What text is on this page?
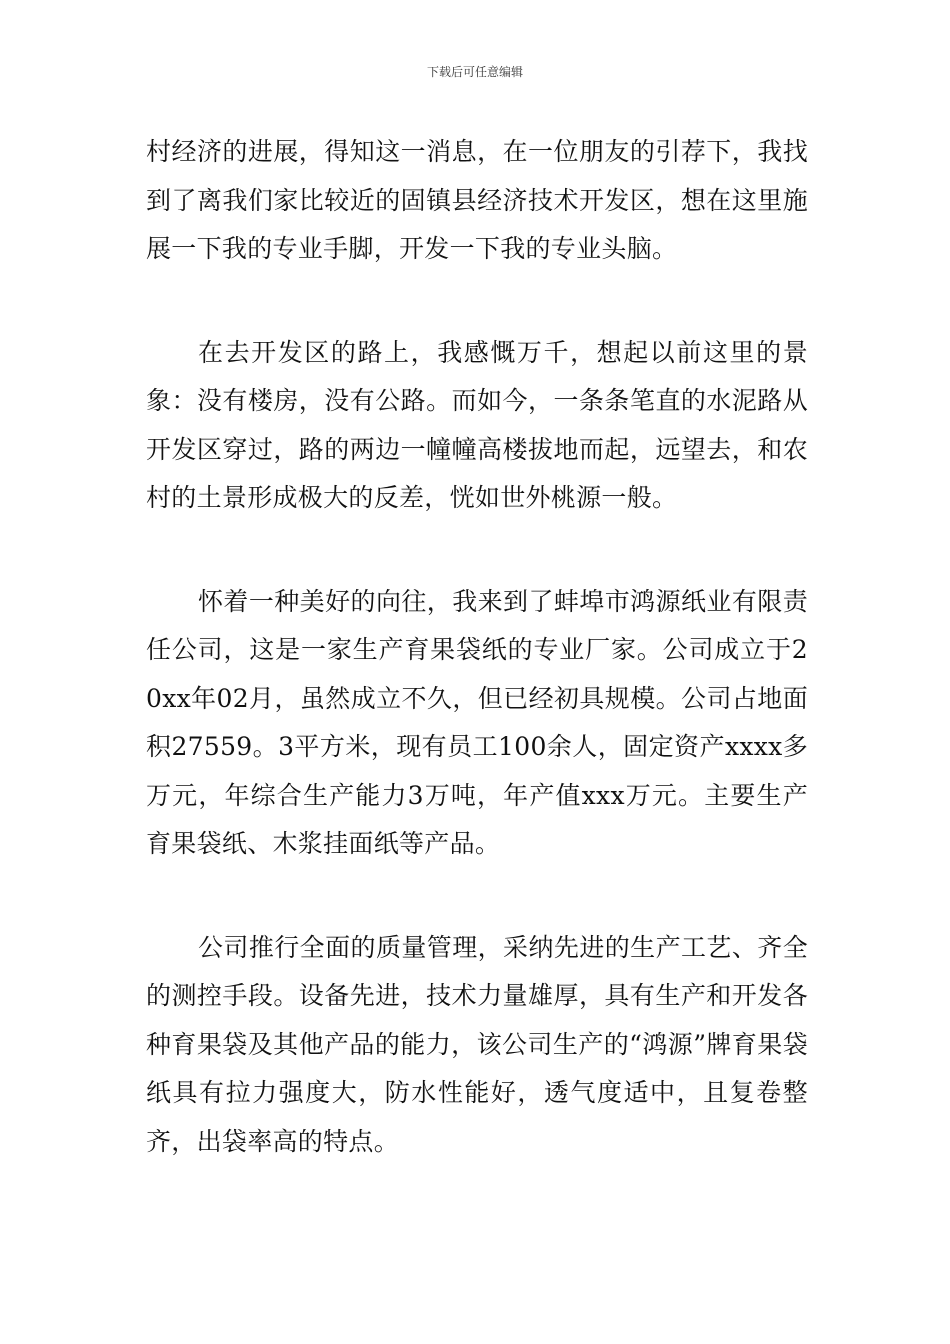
下载后可任意编辑

村经济的进展，得知这一消息，在一位朋友的引荐下，我找到了离我们家比较近的固镇县经济技术开发区，想在这里施展一下我的专业手脚，开发一下我的专业头脑。

在去开发区的路上，我感慨万千，想起以前这里的景象：没有楼房，没有公路。而如今，一条条笔直的水泥路从开发区穿过，路的两边一幢幢高楼拔地而起，远望去，和农村的土景形成极大的反差，恍如世外桃源一般。

怀着一种美好的向往，我来到了蚌埠市鸿源纸业有限责任公司，这是一家生产育果袋纸的专业厂家。公司成立于20xx年02月，虽然成立不久，但已经初具规模。公司占地面积27559。3平方米，现有员工100余人，固定资产xxxx多万元，年综合生产能力3万吨，年产值xxx万元。主要生产育果袋纸、木浆挂面纸等产品。

公司推行全面的质量管理，采纳先进的生产工艺、齐全的测控手段。设备先进，技术力量雄厚，具有生产和开发各种育果袋及其他产品的能力，该公司生产的“鸿源”牌育果袋纸具有拉力强度大，防水性能好，透气度适中，且复卷整齐，出袋率高的特点。
